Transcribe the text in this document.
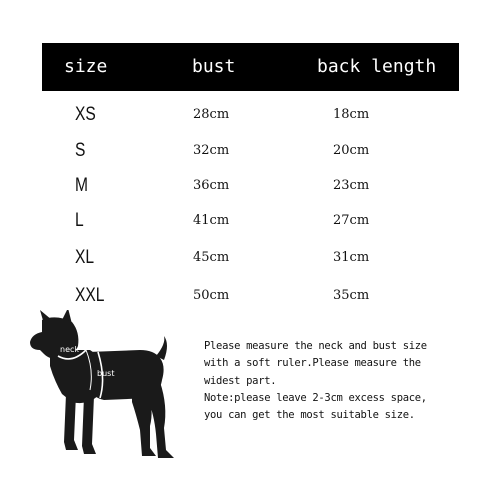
size	bust	back length
XS	28cm	18cm
S	32cm	20cm
M	36cm	23cm
L	41cm	27cm
XL	45cm	31cm
XXL	50cm	35cm
neck
bust
Please measure the neck and bust size
with a soft ruler.Please measure the
widest part.
Note:please leave 2-3cm excess space,
you can get the most suitable size.
